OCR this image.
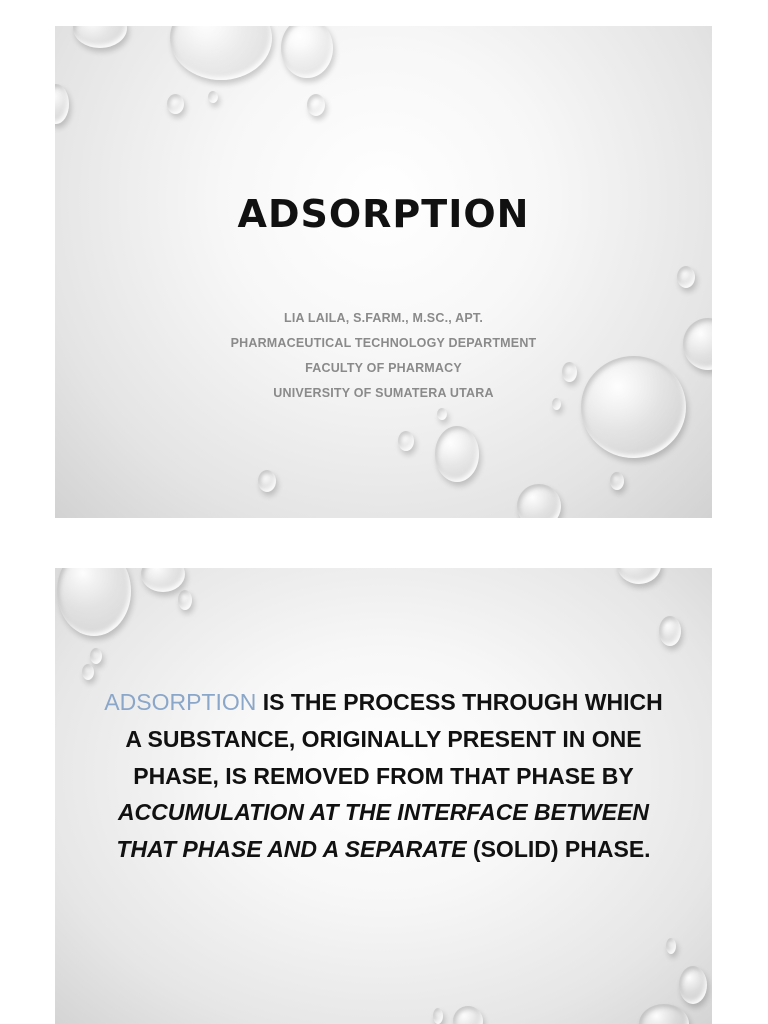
ADSORPTION
LIA LAILA, S.FARM., M.SC., APT.
PHARMACEUTICAL TECHNOLOGY DEPARTMENT
FACULTY OF PHARMACY
UNIVERSITY OF SUMATERA UTARA
ADSORPTION IS THE PROCESS THROUGH WHICH A SUBSTANCE, ORIGINALLY PRESENT IN ONE PHASE, IS REMOVED FROM THAT PHASE BY ACCUMULATION AT THE INTERFACE BETWEEN THAT PHASE AND A SEPARATE (SOLID) PHASE.
